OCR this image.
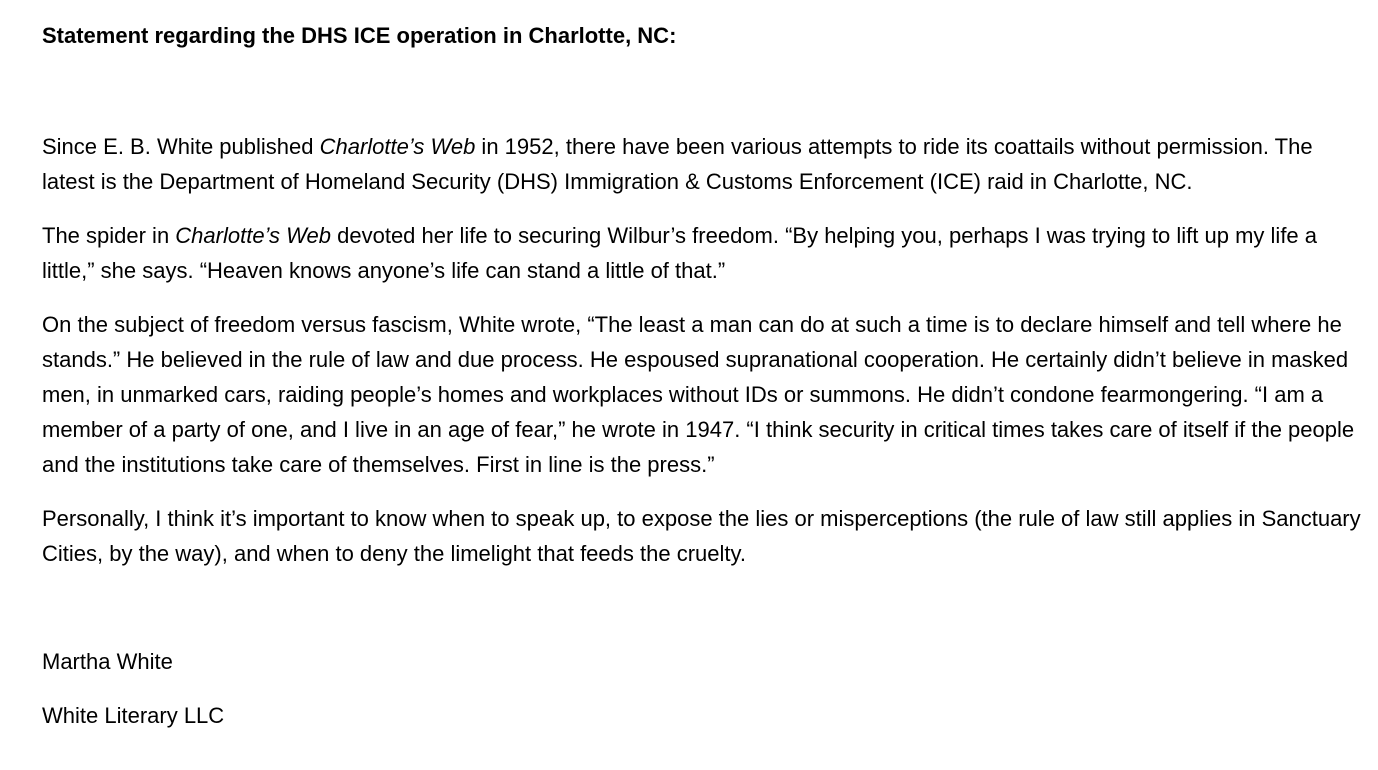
Statement regarding the DHS ICE operation in Charlotte, NC:

Since E. B. White published Charlotte’s Web in 1952, there have been various attempts to ride its coattails without permission. The latest is the Department of Homeland Security (DHS) Immigration & Customs Enforcement (ICE) raid in Charlotte, NC.

The spider in Charlotte’s Web devoted her life to securing Wilbur’s freedom. “By helping you, perhaps I was trying to lift up my life a little,” she says. “Heaven knows anyone’s life can stand a little of that.”

On the subject of freedom versus fascism, White wrote, “The least a man can do at such a time is to declare himself and tell where he stands.” He believed in the rule of law and due process. He espoused supranational cooperation. He certainly didn’t believe in masked men, in unmarked cars, raiding people’s homes and workplaces without IDs or summons. He didn’t condone fearmongering. “I am a member of a party of one, and I live in an age of fear,” he wrote in 1947. “I think security in critical times takes care of itself if the people and the institutions take care of themselves. First in line is the press.”

Personally, I think it’s important to know when to speak up, to expose the lies or misperceptions (the rule of law still applies in Sanctuary Cities, by the way), and when to deny the limelight that feeds the cruelty.

Martha White

White Literary LLC
